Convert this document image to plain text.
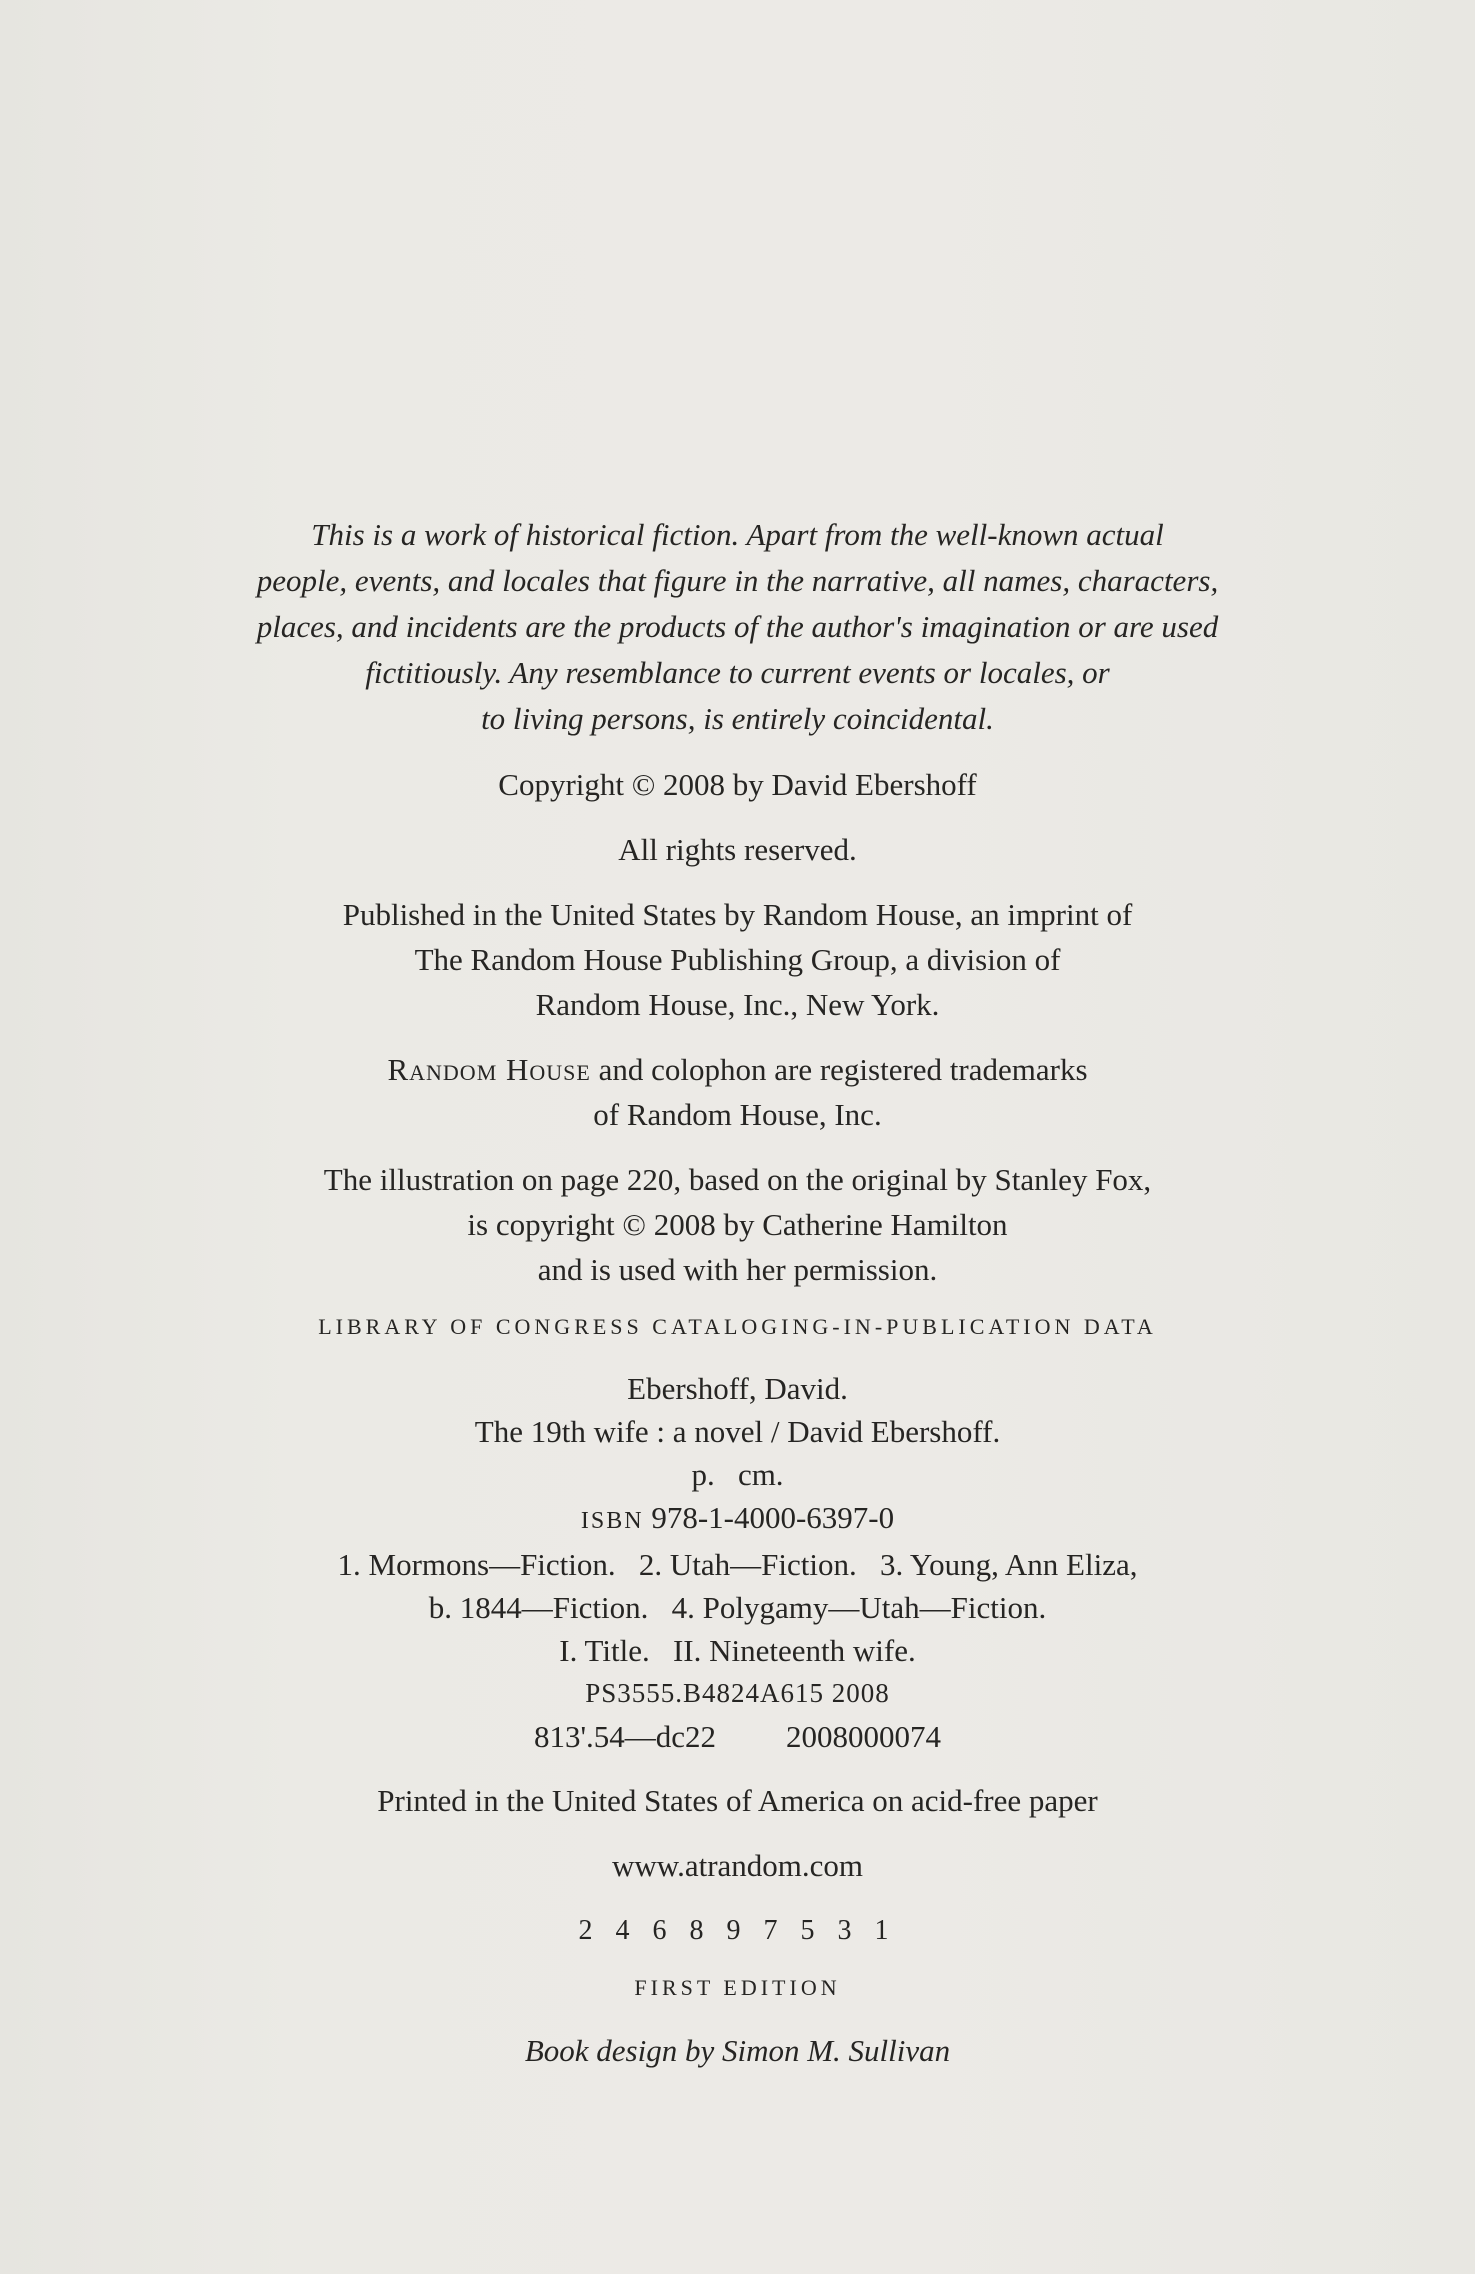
This is a work of historical fiction. Apart from the well-known actual
people, events, and locales that figure in the narrative, all names, characters,
places, and incidents are the products of the author's imagination or are used
fictitiously. Any resemblance to current events or locales, or
to living persons, is entirely coincidental.
Copyright © 2008 by David Ebershoff
All rights reserved.
Published in the United States by Random House, an imprint of
The Random House Publishing Group, a division of
Random House, Inc., New York.
Random House and colophon are registered trademarks
of Random House, Inc.
The illustration on page 220, based on the original by Stanley Fox,
is copyright © 2008 by Catherine Hamilton
and is used with her permission.
LIBRARY OF CONGRESS CATALOGING-IN-PUBLICATION DATA
Ebershoff, David.
The 19th wife : a novel / David Ebershoff.
p.   cm.
ISBN 978-1-4000-6397-0
1. Mormons—Fiction.   2. Utah—Fiction.   3. Young, Ann Eliza,
b. 1844—Fiction.   4. Polygamy—Utah—Fiction.
I. Title.   II. Nineteenth wife.
PS3555.B4824A615 2008
813'.54—dc22 2008000074
Printed in the United States of America on acid-free paper
www.atrandom.com
2 4 6 8 9 7 5 3 1
FIRST EDITION
Book design by Simon M. Sullivan
